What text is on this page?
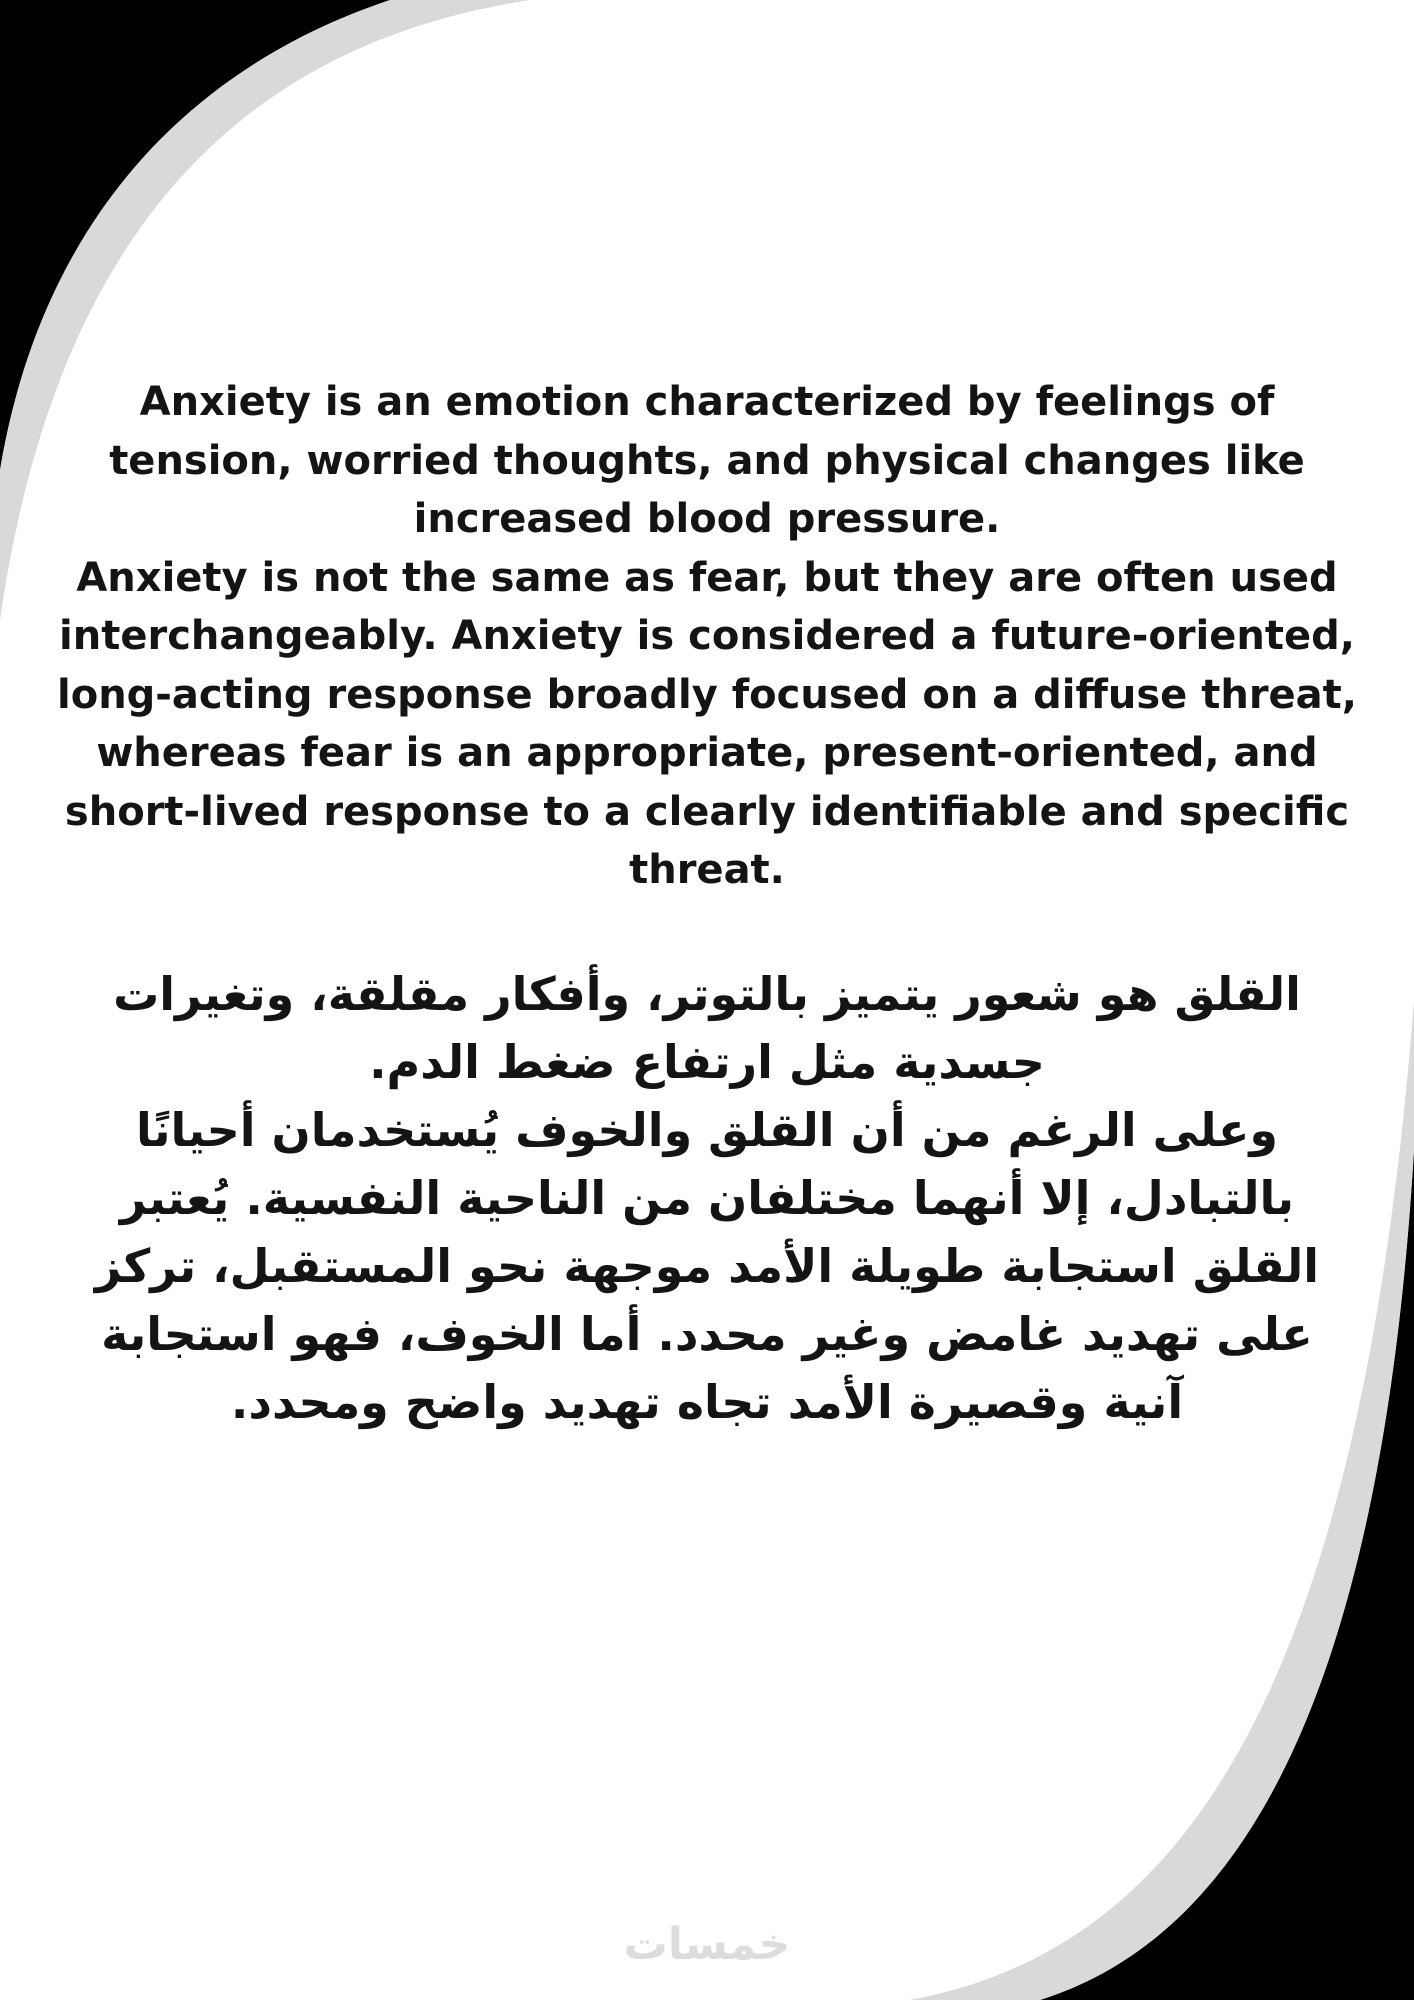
Anxiety is an emotion characterized by feelings of tension, worried thoughts, and physical changes like increased blood pressure.

Anxiety is not the same as fear, but they are often used interchangeably. Anxiety is considered a future-oriented, long-acting response broadly focused on a diffuse threat, whereas fear is an appropriate, present-oriented, and short-lived response to a clearly identifiable and specific threat.

القلق هو شعور يتميز بالتوتر، وأفكار مقلقة، وتغيرات جسدية مثل ارتفاع ضغط الدم.

وعلى الرغم من أن القلق والخوف يُستخدمان أحيانًا بالتبادل، إلا أنهما مختلفان من الناحية النفسية. يُعتبر القلق استجابة طويلة الأمد موجهة نحو المستقبل، تركز على تهديد غامض وغير محدد. أما الخوف، فهو استجابة آنية وقصيرة الأمد تجاه تهديد واضح ومحدد.

خمسات
